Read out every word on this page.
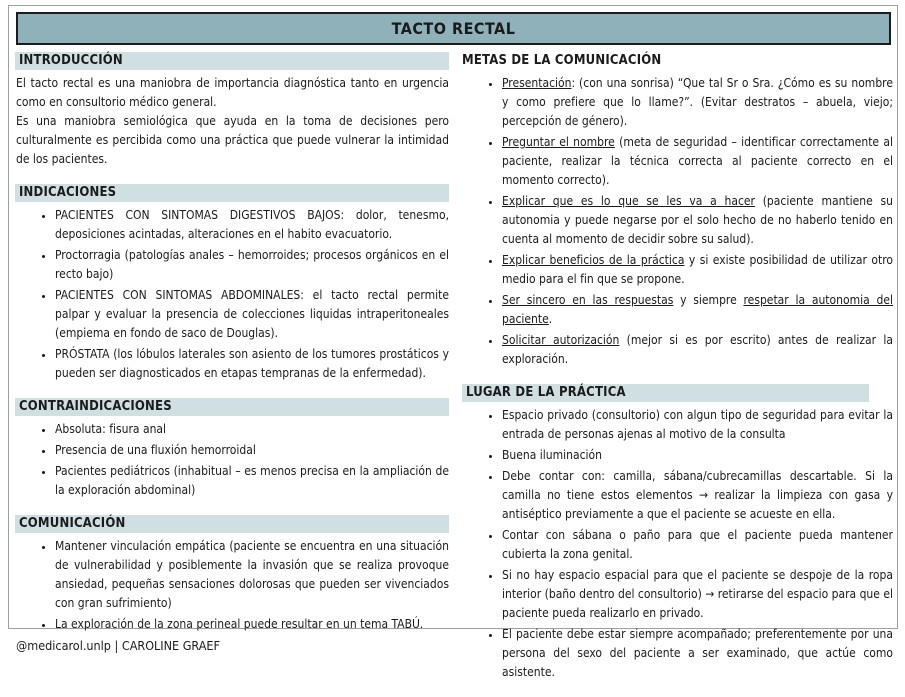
TACTO RECTAL
INTRODUCCIÓN

El tacto rectal es una maniobra de importancia diagnóstica tanto en urgencia como en consultorio médico general.

Es una maniobra semiológica que ayuda en la toma de decisiones pero culturalmente es percibida como una práctica que puede vulnerar la intimidad de los pacientes.

INDICACIONES
• PACIENTES CON SINTOMAS DIGESTIVOS BAJOS: dolor, tenesmo, deposiciones acintadas, alteraciones en el habito evacuatorio.
• Proctorragia (patologías anales – hemorroides; procesos orgánicos en el recto bajo)
• PACIENTES CON SINTOMAS ABDOMINALES: el tacto rectal permite palpar y evaluar la presencia de colecciones liquidas intraperitoneales (empiema en fondo de saco de Douglas).
• PRÓSTATA (los lóbulos laterales son asiento de los tumores prostáticos y pueden ser diagnosticados en etapas tempranas de la enfermedad).
CONTRAINDICACIONES
• Absoluta: fisura anal
• Presencia de una fluxión hemorroidal
• Pacientes pediátricos (inhabitual – es menos precisa en la ampliación de la exploración abdominal)
COMUNICACIÓN
• Mantener vinculación empática (paciente se encuentra en una situación de vulnerabilidad y posiblemente la invasión que se realiza provoque ansiedad, pequeñas sensaciones dolorosas que pueden ser vivenciados con gran sufrimiento)
• La exploración de la zona perineal puede resultar en un tema TABÚ.
@medicarol.unlp | CAROLINE GRAEF
METAS DE LA COMUNICACIÓN
• Presentación: (con una sonrisa) “Que tal Sr o Sra. ¿Cómo es su nombre y como prefiere que lo llame?”. (Evitar destratos – abuela, viejo; percepción de género).
• Preguntar el nombre (meta de seguridad – identificar correctamente al paciente, realizar la técnica correcta al paciente correcto en el momento correcto).
• Explicar que es lo que se les va a hacer (paciente mantiene su autonomia y puede negarse por el solo hecho de no haberlo tenido en cuenta al momento de decidir sobre su salud).
• Explicar beneficios de la práctica y si existe posibilidad de utilizar otro medio para el fin que se propone.
• Ser sincero en las respuestas y siempre respetar la autonomia del paciente.
• Solicitar autorización (mejor si es por escrito) antes de realizar la exploración.
LUGAR DE LA PRÁCTICA
• Espacio privado (consultorio) con algun tipo de seguridad para evitar la entrada de personas ajenas al motivo de la consulta
• Buena iluminación
• Debe contar con: camilla, sábana/cubrecamillas descartable. Si la camilla no tiene estos elementos → realizar la limpieza con gasa y antiséptico previamente a que el paciente se acueste en ella.
• Contar con sábana o paño para que el paciente pueda mantener cubierta la zona genital.
• Si no hay espacio espacial para que el paciente se despoje de la ropa interior (baño dentro del consultorio) → retirarse del espacio para que el paciente pueda realizarlo en privado.
• El paciente debe estar siempre acompañado; preferentemente por una persona del sexo del paciente a ser examinado, que actúe como asistente.
